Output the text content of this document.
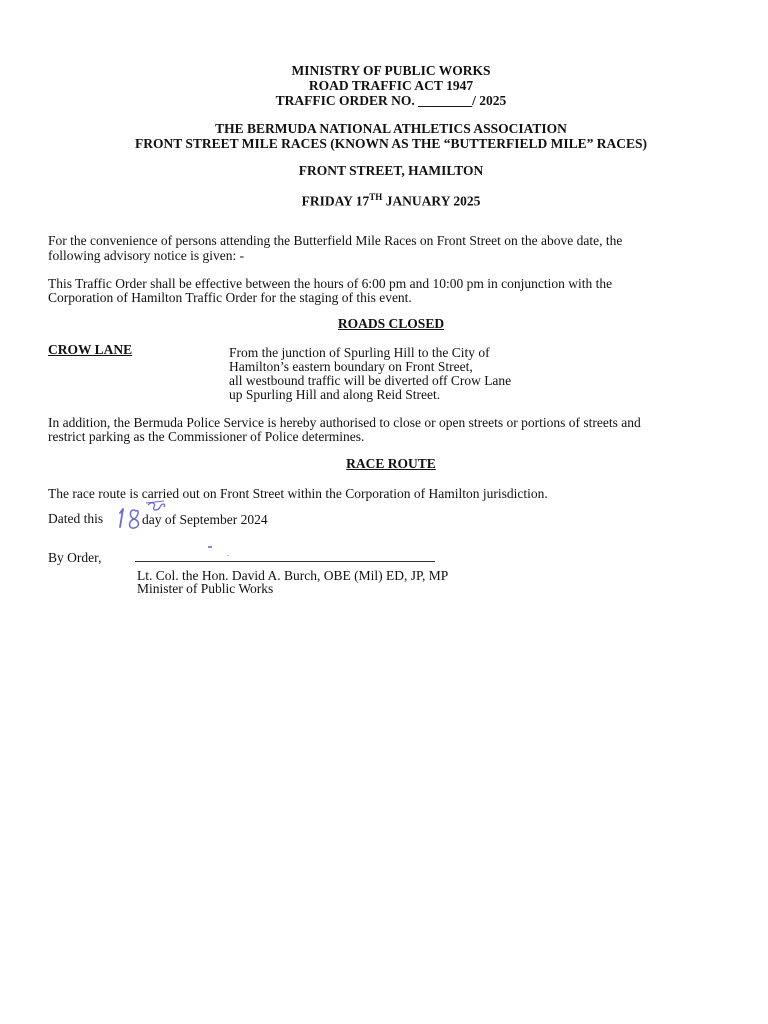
MINISTRY OF PUBLIC WORKS
ROAD TRAFFIC ACT 1947
TRAFFIC ORDER NO. ________/ 2025
THE BERMUDA NATIONAL ATHLETICS ASSOCIATION
FRONT STREET MILE RACES (KNOWN AS THE “BUTTERFIELD MILE” RACES)
FRONT STREET, HAMILTON
FRIDAY 17TH JANUARY 2025
For the convenience of persons attending the Butterfield Mile Races on Front Street on the above date, the
following advisory notice is given: -
This Traffic Order shall be effective between the hours of 6:00 pm and 10:00 pm in conjunction with the
Corporation of Hamilton Traffic Order for the staging of this event.
ROADS CLOSED
CROW LANE	From the junction of Spurling Hill to the City of
Hamilton’s eastern boundary on Front Street,
all westbound traffic will be diverted off Crow Lane
up Spurling Hill and along Reid Street.
In addition, the Bermuda Police Service is hereby authorised to close or open streets or portions of streets and
restrict parking as the Commissioner of Police determines.
RACE ROUTE
The race route is carried out on Front Street within the Corporation of Hamilton jurisdiction.
Dated this	day of September 2024
By Order,
Lt. Col. the Hon. David A. Burch, OBE (Mil) ED, JP, MP
Minister of Public Works
